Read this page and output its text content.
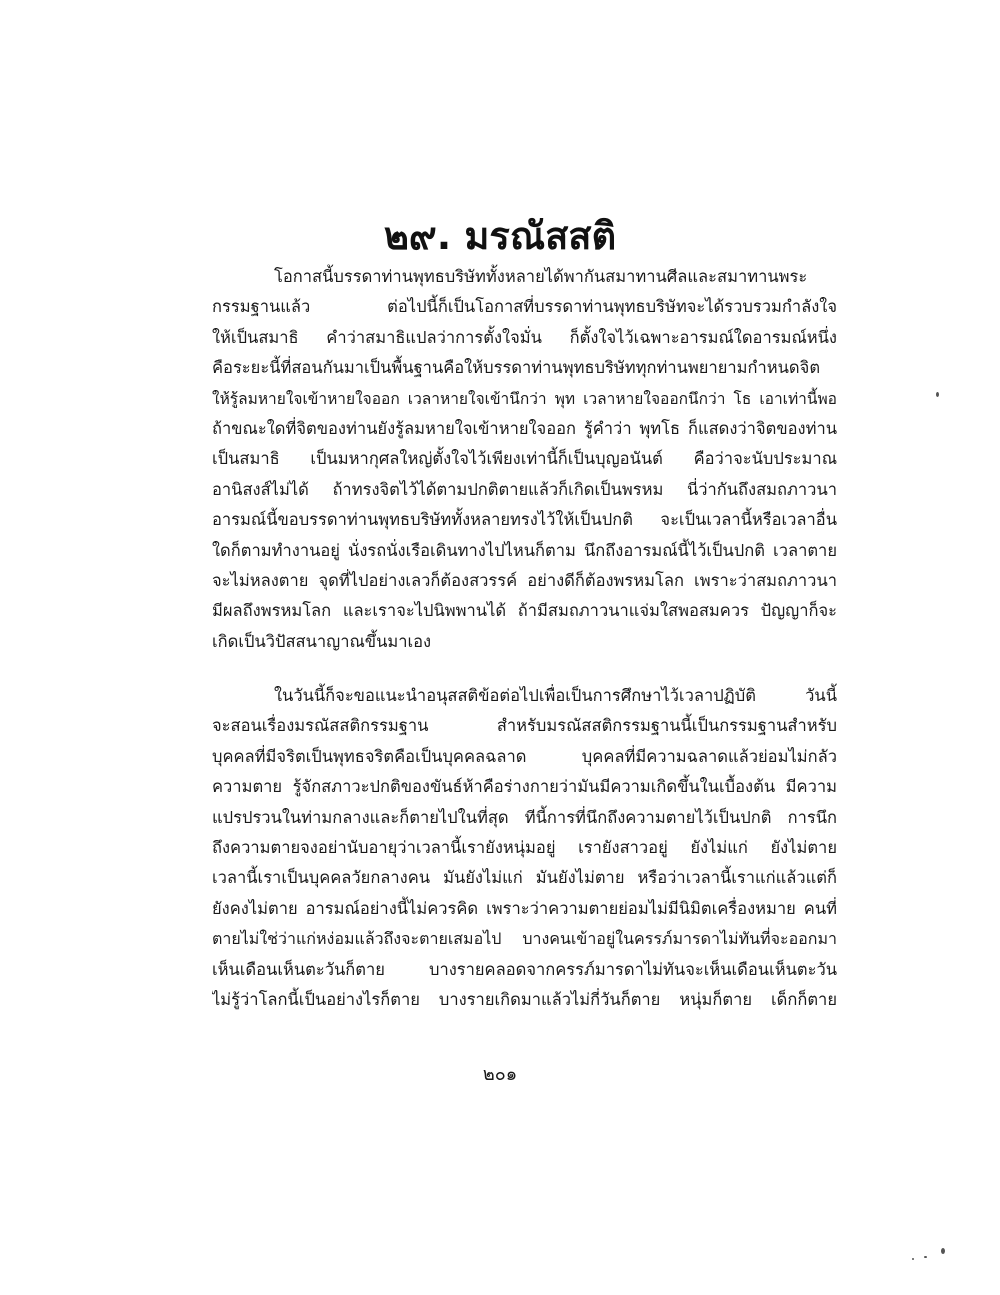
๒๙. มรณัสสติ
โอกาสนี้บรรดาท่านพุทธบริษัททั้งหลายได้พากันสมาทานศีลและสมาทานพระ
กรรมฐานแล้ว ต่อไปนี้ก็เป็นโอกาสที่บรรดาท่านพุทธบริษัทจะได้รวบรวมกำลังใจ
ให้เป็นสมาธิ คำว่าสมาธิแปลว่าการตั้งใจมั่น ก็ตั้งใจไว้เฉพาะอารมณ์ใดอารมณ์หนึ่ง
คือระยะนี้ที่สอนกันมาเป็นพื้นฐานคือให้บรรดาท่านพุทธบริษัททุกท่านพยายามกำหนดจิต
ให้รู้ลมหายใจเข้าหายใจออก เวลาหายใจเข้านึกว่า พุท เวลาหายใจออกนึกว่า โธ เอาเท่านี้พอ
ถ้าขณะใดที่จิตของท่านยังรู้ลมหายใจเข้าหายใจออก รู้คำว่า พุทโธ ก็แสดงว่าจิตของท่าน
เป็นสมาธิ เป็นมหากุศลใหญ่ตั้งใจไว้เพียงเท่านี้ก็เป็นบุญอนันต์ คือว่าจะนับประมาณ
อานิสงส์ไม่ได้ ถ้าทรงจิตไว้ได้ตามปกติตายแล้วก็เกิดเป็นพรหม นี่ว่ากันถึงสมถภาวนา
อารมณ์นี้ขอบรรดาท่านพุทธบริษัททั้งหลายทรงไว้ให้เป็นปกติ จะเป็นเวลานี้หรือเวลาอื่น
ใดก็ตามทำงานอยู่ นั่งรถนั่งเรือเดินทางไปไหนก็ตาม นึกถึงอารมณ์นี้ไว้เป็นปกติ เวลาตาย
จะไม่หลงตาย จุดที่ไปอย่างเลวก็ต้องสวรรค์ อย่างดีก็ต้องพรหมโลก เพราะว่าสมถภาวนา
มีผลถึงพรหมโลก และเราจะไปนิพพานได้ ถ้ามีสมถภาวนาแจ่มใสพอสมควร ปัญญาก็จะ
เกิดเป็นวิปัสสนาญาณขึ้นมาเอง
ในวันนี้ก็จะขอแนะนำอนุสสติข้อต่อไปเพื่อเป็นการศึกษาไว้เวลาปฏิบัติ วันนี้
จะสอนเรื่องมรณัสสติกรรมฐาน สำหรับมรณัสสติกรรมฐานนี้เป็นกรรมฐานสำหรับ
บุคคลที่มีจริตเป็นพุทธจริตคือเป็นบุคคลฉลาด บุคคลที่มีความฉลาดแล้วย่อมไม่กลัว
ความตาย รู้จักสภาวะปกติของขันธ์ห้าคือร่างกายว่ามันมีความเกิดขึ้นในเบื้องต้น มีความ
แปรปรวนในท่ามกลางและก็ตายไปในที่สุด ทีนี้การที่นึกถึงความตายไว้เป็นปกติ การนึก
ถึงความตายจงอย่านับอายุว่าเวลานี้เรายังหนุ่มอยู่ เรายังสาวอยู่ ยังไม่แก่ ยังไม่ตาย
เวลานี้เราเป็นบุคคลวัยกลางคน มันยังไม่แก่ มันยังไม่ตาย หรือว่าเวลานี้เราแก่แล้วแต่ก็
ยังคงไม่ตาย อารมณ์อย่างนี้ไม่ควรคิด เพราะว่าความตายย่อมไม่มีนิมิตเครื่องหมาย คนที่
ตายไม่ใช่ว่าแก่หง่อมแล้วถึงจะตายเสมอไป บางคนเข้าอยู่ในครรภ์มารดาไม่ทันที่จะออกมา
เห็นเดือนเห็นตะวันก็ตาย บางรายคลอดจากครรภ์มารดาไม่ทันจะเห็นเดือนเห็นตะวัน
ไม่รู้ว่าโลกนี้เป็นอย่างไรก็ตาย บางรายเกิดมาแล้วไม่กี่วันก็ตาย หนุ่มก็ตาย เด็กก็ตาย
๒๐๑
